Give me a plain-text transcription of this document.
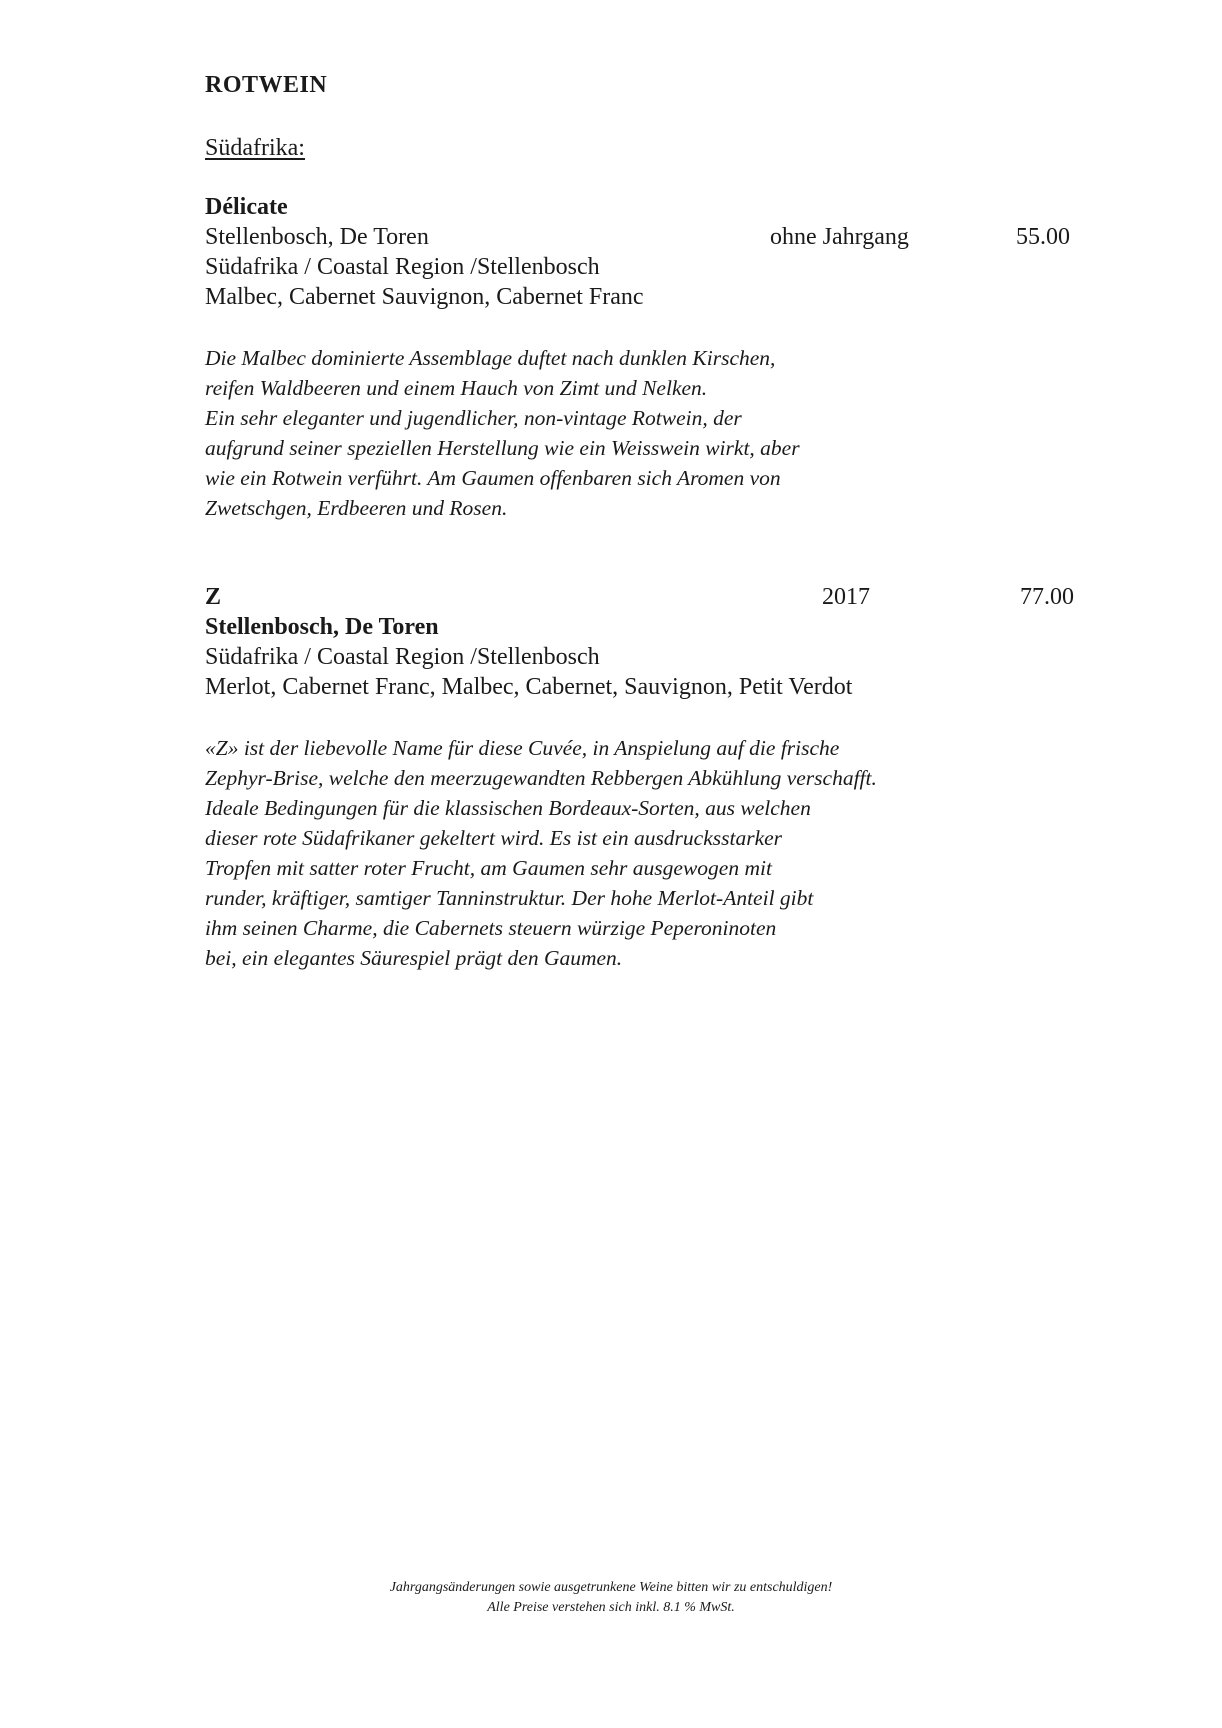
ROTWEIN
Südafrika:
Délicate
Stellenbosch, De Toren	ohne Jahrgang	55.00
Südafrika / Coastal Region /Stellenbosch
Malbec, Cabernet Sauvignon, Cabernet Franc
Die Malbec dominierte Assemblage duftet nach dunklen Kirschen,
reifen Waldbeeren und einem Hauch von Zimt und Nelken.
Ein sehr eleganter und jugendlicher, non-vintage Rotwein, der
aufgrund seiner speziellen Herstellung wie ein Weisswein wirkt, aber
wie ein Rotwein verführt. Am Gaumen offenbaren sich Aromen von
Zwetschgen, Erdbeeren und Rosen.
Z	2017	77.00
Stellenbosch, De Toren
Südafrika / Coastal Region /Stellenbosch
Merlot, Cabernet Franc, Malbec, Cabernet, Sauvignon, Petit Verdot
«Z» ist der liebevolle Name für diese Cuvée, in Anspielung auf die frische
Zephyr-Brise, welche den meerzugewandten Rebbergen Abkühlung verschafft.
Ideale Bedingungen für die klassischen Bordeaux-Sorten, aus welchen
dieser rote Südafrikaner gekeltert wird. Es ist ein ausdrucksstarker
Tropfen mit satter roter Frucht, am Gaumen sehr ausgewogen mit
runder, kräftiger, samtiger Tanninstruktur. Der hohe Merlot-Anteil gibt
ihm seinen Charme, die Cabernets steuern würzige Peperoninoten
bei, ein elegantes Säurespiel prägt den Gaumen.
Jahrgangsänderungen sowie ausgetrunkene Weine bitten wir zu entschuldigen!
Alle Preise verstehen sich inkl. 8.1 % MwSt.
